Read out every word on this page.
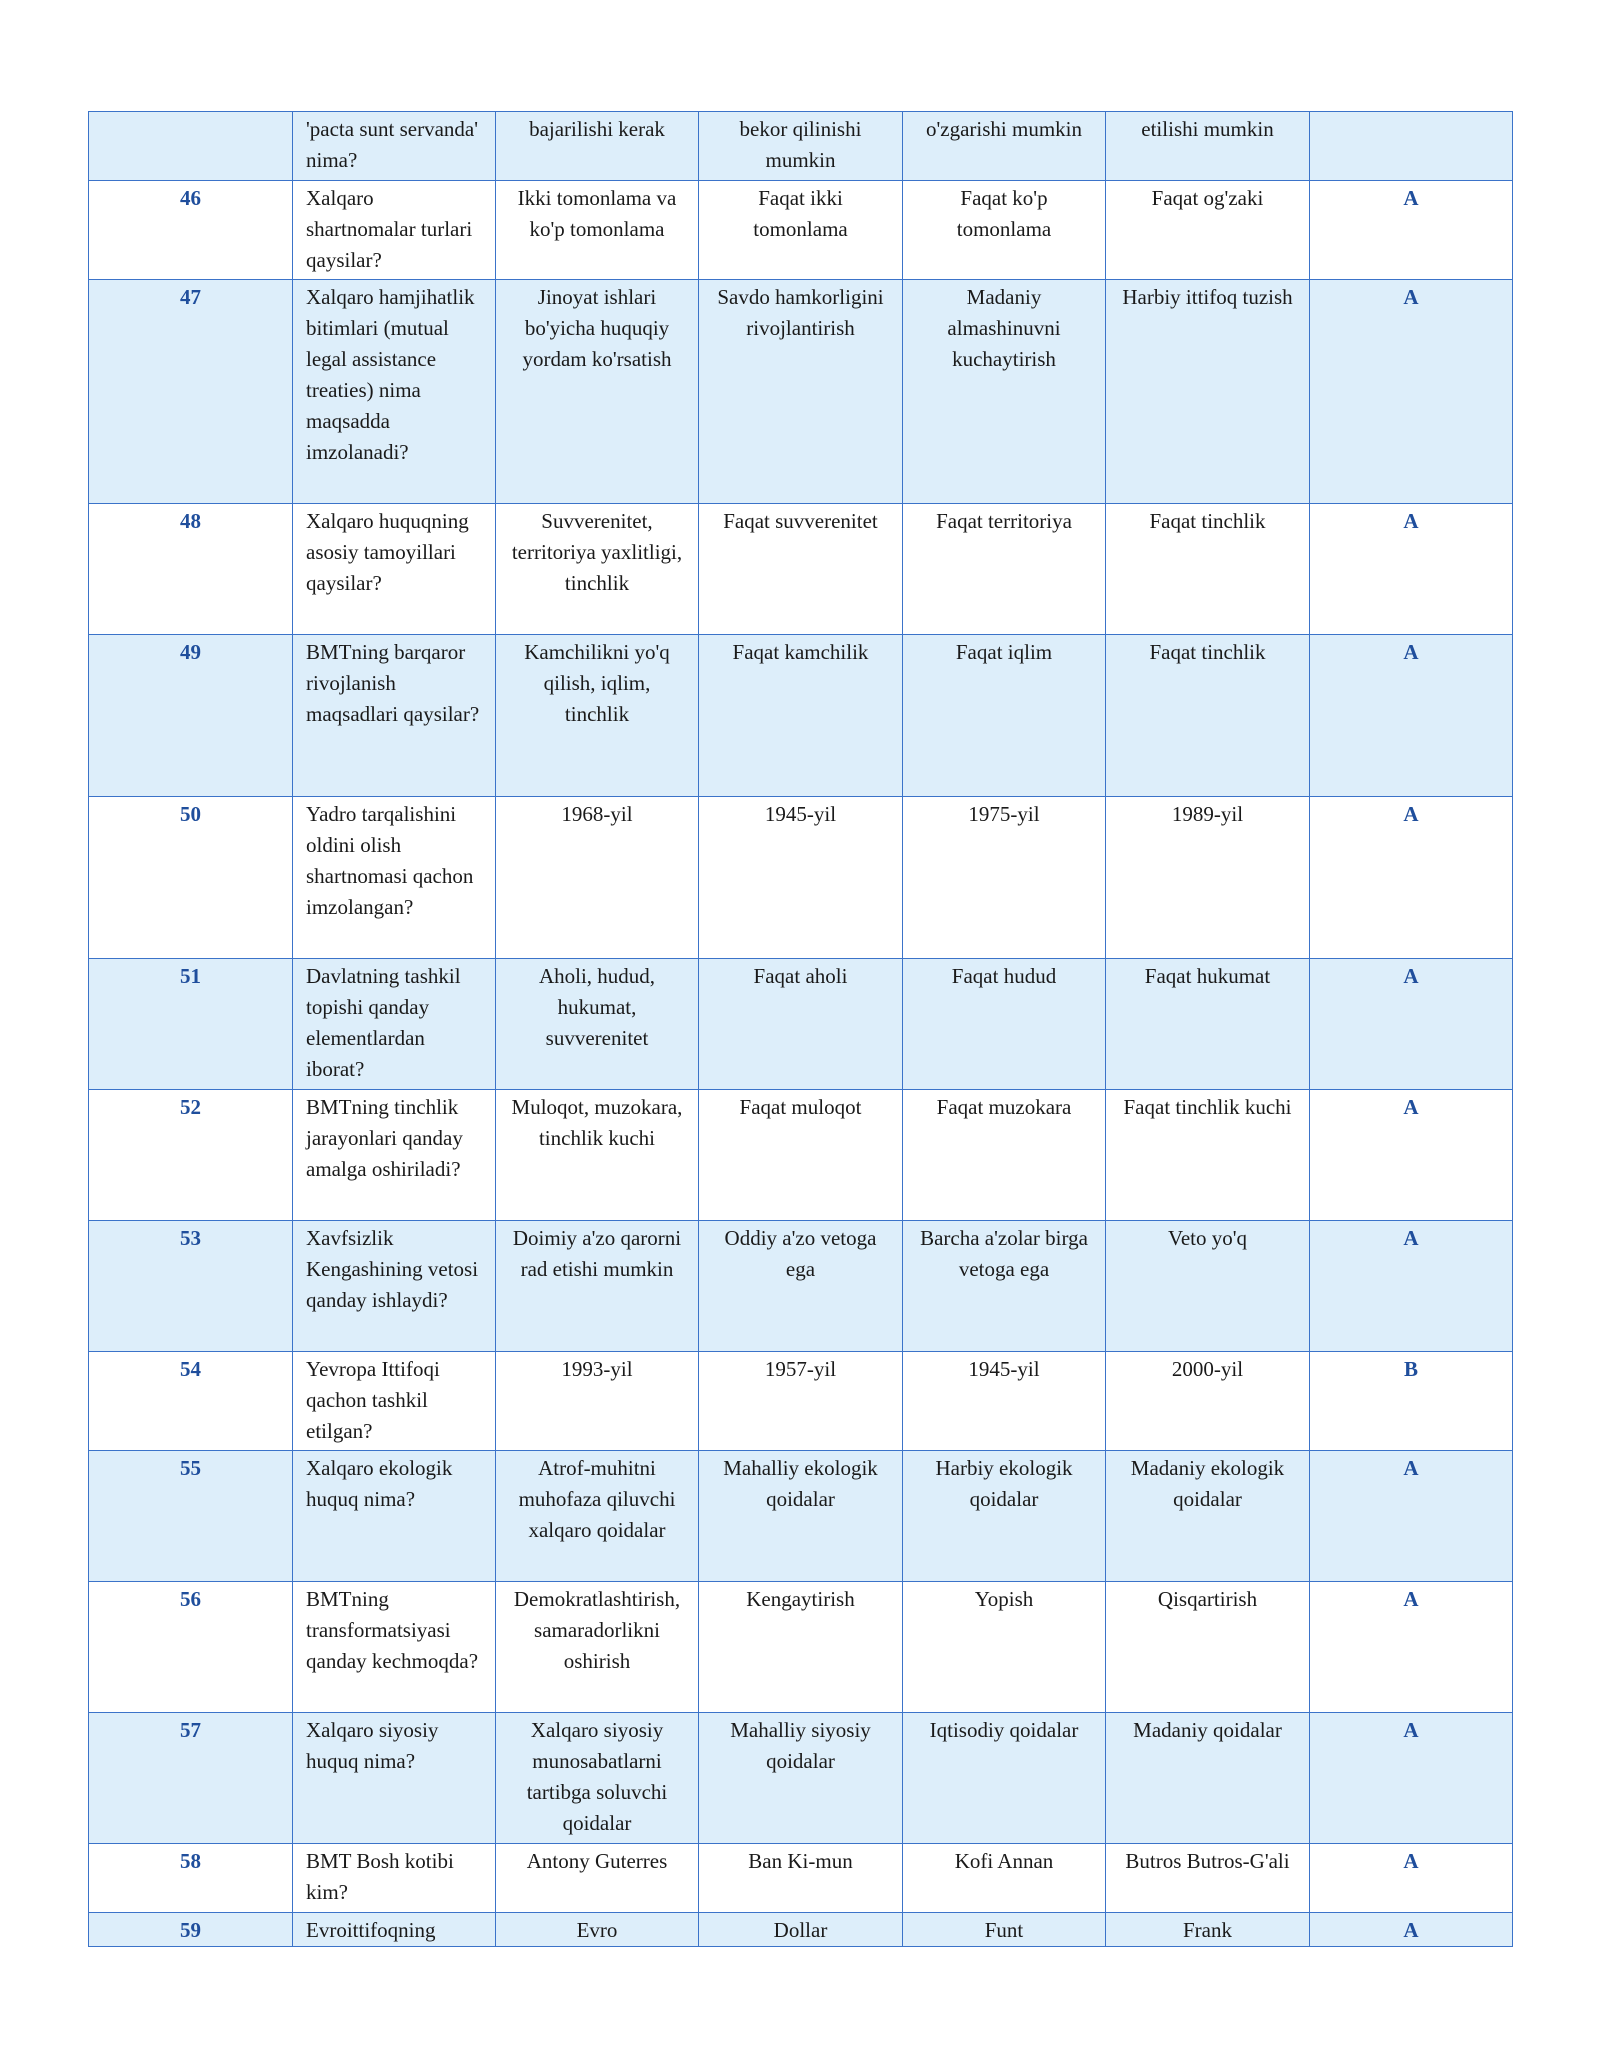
	'pacta sunt servanda' nima?	bajarilishi kerak	bekor qilinishi mumkin	o'zgarishi mumkin	etilishi mumkin	
46	Xalqaro shartnomalar turlari qaysilar?	Ikki tomonlama va ko'p tomonlama	Faqat ikki tomonlama	Faqat ko'p tomonlama	Faqat og'zaki	A
47	Xalqaro hamjihatlik bitimlari (mutual legal assistance treaties) nima maqsadda imzolanadi?	Jinoyat ishlari bo'yicha huquqiy yordam ko'rsatish	Savdo hamkorligini rivojlantirish	Madaniy almashinuvni kuchaytirish	Harbiy ittifoq tuzish	A
48	Xalqaro huquqning asosiy tamoyillari qaysilar?	Suvverenitet, territoriya yaxlitligi, tinchlik	Faqat suvverenitet	Faqat territoriya	Faqat tinchlik	A
49	BMTning barqaror rivojlanish maqsadlari qaysilar?	Kamchilikni yo'q qilish, iqlim, tinchlik	Faqat kamchilik	Faqat iqlim	Faqat tinchlik	A
50	Yadro tarqalishini oldini olish shartnomasi qachon imzolangan?	1968-yil	1945-yil	1975-yil	1989-yil	A
51	Davlatning tashkil topishi qanday elementlardan iborat?	Aholi, hudud, hukumat, suvverenitet	Faqat aholi	Faqat hudud	Faqat hukumat	A
52	BMTning tinchlik jarayonlari qanday amalga oshiriladi?	Muloqot, muzokara, tinchlik kuchi	Faqat muloqot	Faqat muzokara	Faqat tinchlik kuchi	A
53	Xavfsizlik Kengashining vetosi qanday ishlaydi?	Doimiy a'zo qarorni rad etishi mumkin	Oddiy a'zo vetoga ega	Barcha a'zolar birga vetoga ega	Veto yo'q	A
54	Yevropa Ittifoqi qachon tashkil etilgan?	1993-yil	1957-yil	1945-yil	2000-yil	B
55	Xalqaro ekologik huquq nima?	Atrof-muhitni muhofaza qiluvchi xalqaro qoidalar	Mahalliy ekologik qoidalar	Harbiy ekologik qoidalar	Madaniy ekologik qoidalar	A
56	BMTning transformatsiyasi qanday kechmoqda?	Demokratlashtirish, samaradorlikni oshirish	Kengaytirish	Yopish	Qisqartirish	A
57	Xalqaro siyosiy huquq nima?	Xalqaro siyosiy munosabatlarni tartibga soluvchi qoidalar	Mahalliy siyosiy qoidalar	Iqtisodiy qoidalar	Madaniy qoidalar	A
58	BMT Bosh kotibi kim?	Antony Guterres	Ban Ki-mun	Kofi Annan	Butros Butros-G'ali	A
59	Evroittifoqning	Evro	Dollar	Funt	Frank	A
